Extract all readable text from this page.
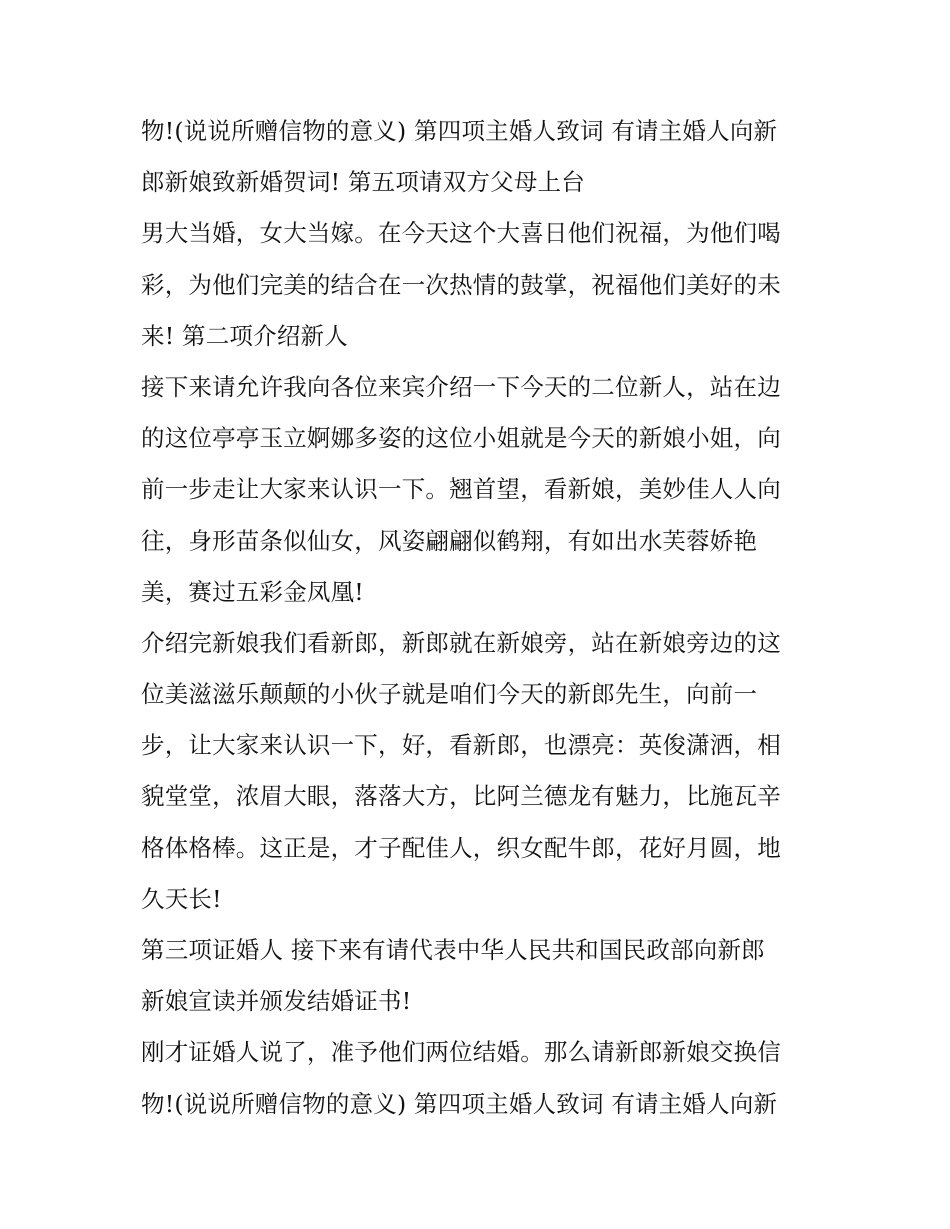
物!(说说所赠信物的意义) 第四项主婚人致词 有请主婚人向新
郎新娘致新婚贺词! 第五项请双方父母上台
男大当婚，女大当嫁。在今天这个大喜日他们祝福，为他们喝
彩，为他们完美的结合在一次热情的鼓掌，祝福他们美好的未
来! 第二项介绍新人
接下来请允许我向各位来宾介绍一下今天的二位新人，站在边
的这位亭亭玉立婀娜多姿的这位小姐就是今天的新娘小姐，向
前一步走让大家来认识一下。翘首望，看新娘，美妙佳人人向
往，身形苗条似仙女，风姿翩翩似鹤翔，有如出水芙蓉娇艳
美，赛过五彩金凤凰!
介绍完新娘我们看新郎，新郎就在新娘旁，站在新娘旁边的这
位美滋滋乐颠颠的小伙子就是咱们今天的新郎先生，向前一
步，让大家来认识一下，好，看新郎，也漂亮：英俊潇洒，相
貌堂堂，浓眉大眼，落落大方，比阿兰德龙有魅力，比施瓦辛
格体格棒。这正是，才子配佳人，织女配牛郎，花好月圆，地
久天长!
第三项证婚人 接下来有请代表中华人民共和国民政部向新郎
新娘宣读并颁发结婚证书!
刚才证婚人说了，准予他们两位结婚。那么请新郎新娘交换信
物!(说说所赠信物的意义) 第四项主婚人致词 有请主婚人向新
